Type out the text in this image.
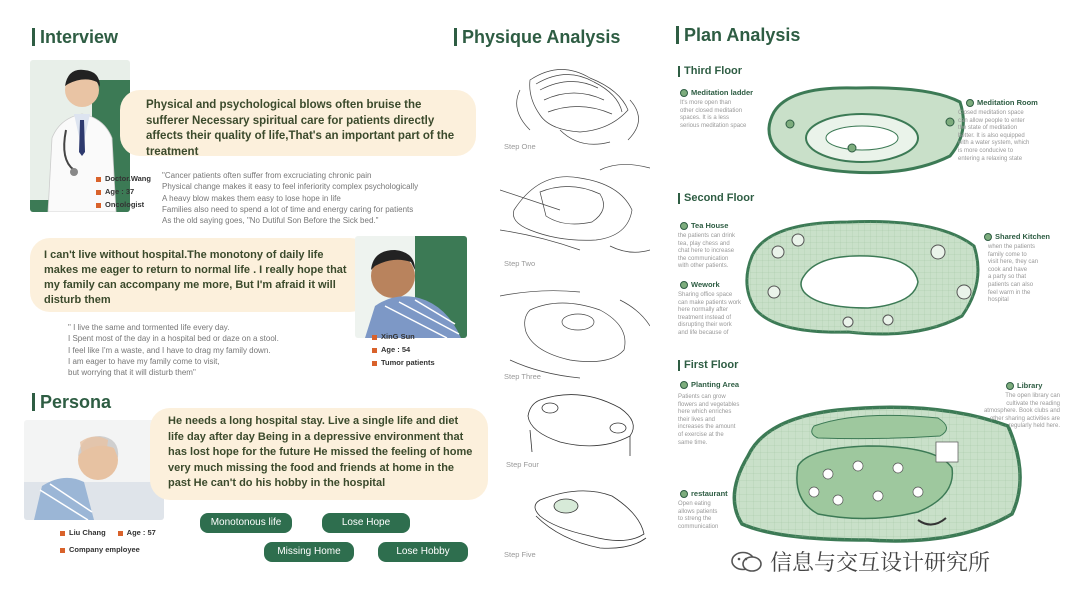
Interview
Physical and psychological blows often bruise the sufferer Necessary spiritual care for patients directly affects their quality of life,That's an important part of the treatment
Doctor.Wang
Age : 37
Oncologist
"Cancer patients often suffer from excruciating chronic pain
Physical change makes it easy to feel inferiority complex psychologically
A heavy blow makes them easy to lose hope in life
Families also need to spend a lot of time and energy caring for patients
As the old saying goes, "No Dutiful Son Before the Sick bed."
I can't live without hospital.The monotony of daily life makes me eager to return to normal life . I really hope that my family can accompany me more, But I'm afraid it will disturb them
XinG Sun
Age : 54
Tumor patients
" I live the same and tormented life every day.
I Spent most of the day in a hospital bed or daze on a stool.
I feel like I'm a waste, and I have to drag my family down.
I am eager to have my family come to visit,
but worrying that it will disturb them"
Persona
He needs a long hospital stay. Live a single life and diet life day after day Being in a depressive environment that has lost hope for the future He missed the feeling of home very much missing the food and friends at home in the past He can't do his hobby in the hospital
Liu Chang	Age : 57
Company employee
Monotonous life	Lose Hope
Missing Home	Lose Hobby
Physique Analysis
Step One
Step Two
Step Three
Step Four
Step Five
Plan Analysis
Third Floor
Meditation ladder
It's more open than
other closed meditation
spaces. It is a less
serious meditation space
Meditation Room
Closed meditation space
can allow people to enter
the state of meditation
better. It is also equipped
with a water system, which
is more conducive to
entering a relaxing state
Second Floor
Tea House
the patients can drink
tea, play chess and
chat here to increase
the communication
with other patients.
Wework
Sharing office space
can make patients work
here normally after
treatment instead of
disrupting their work
and life because of
Shared Kitchen
when the patients
family come to
visit here, they can
cook and have
a party so that
patients can also
feel warm in the
hospital
First Floor
Planting Area
Patients can grow
flowers and vegetables
here which enriches
their lives and
increases the amount
of exercise at the
same time.
restaurant
Open eating
allows patients
to streng the
communication
Library
The open library can
cultivate the reading
atmosphere. Book clubs and
other sharing activities are
regularly held here.
信息与交互设计研究所
